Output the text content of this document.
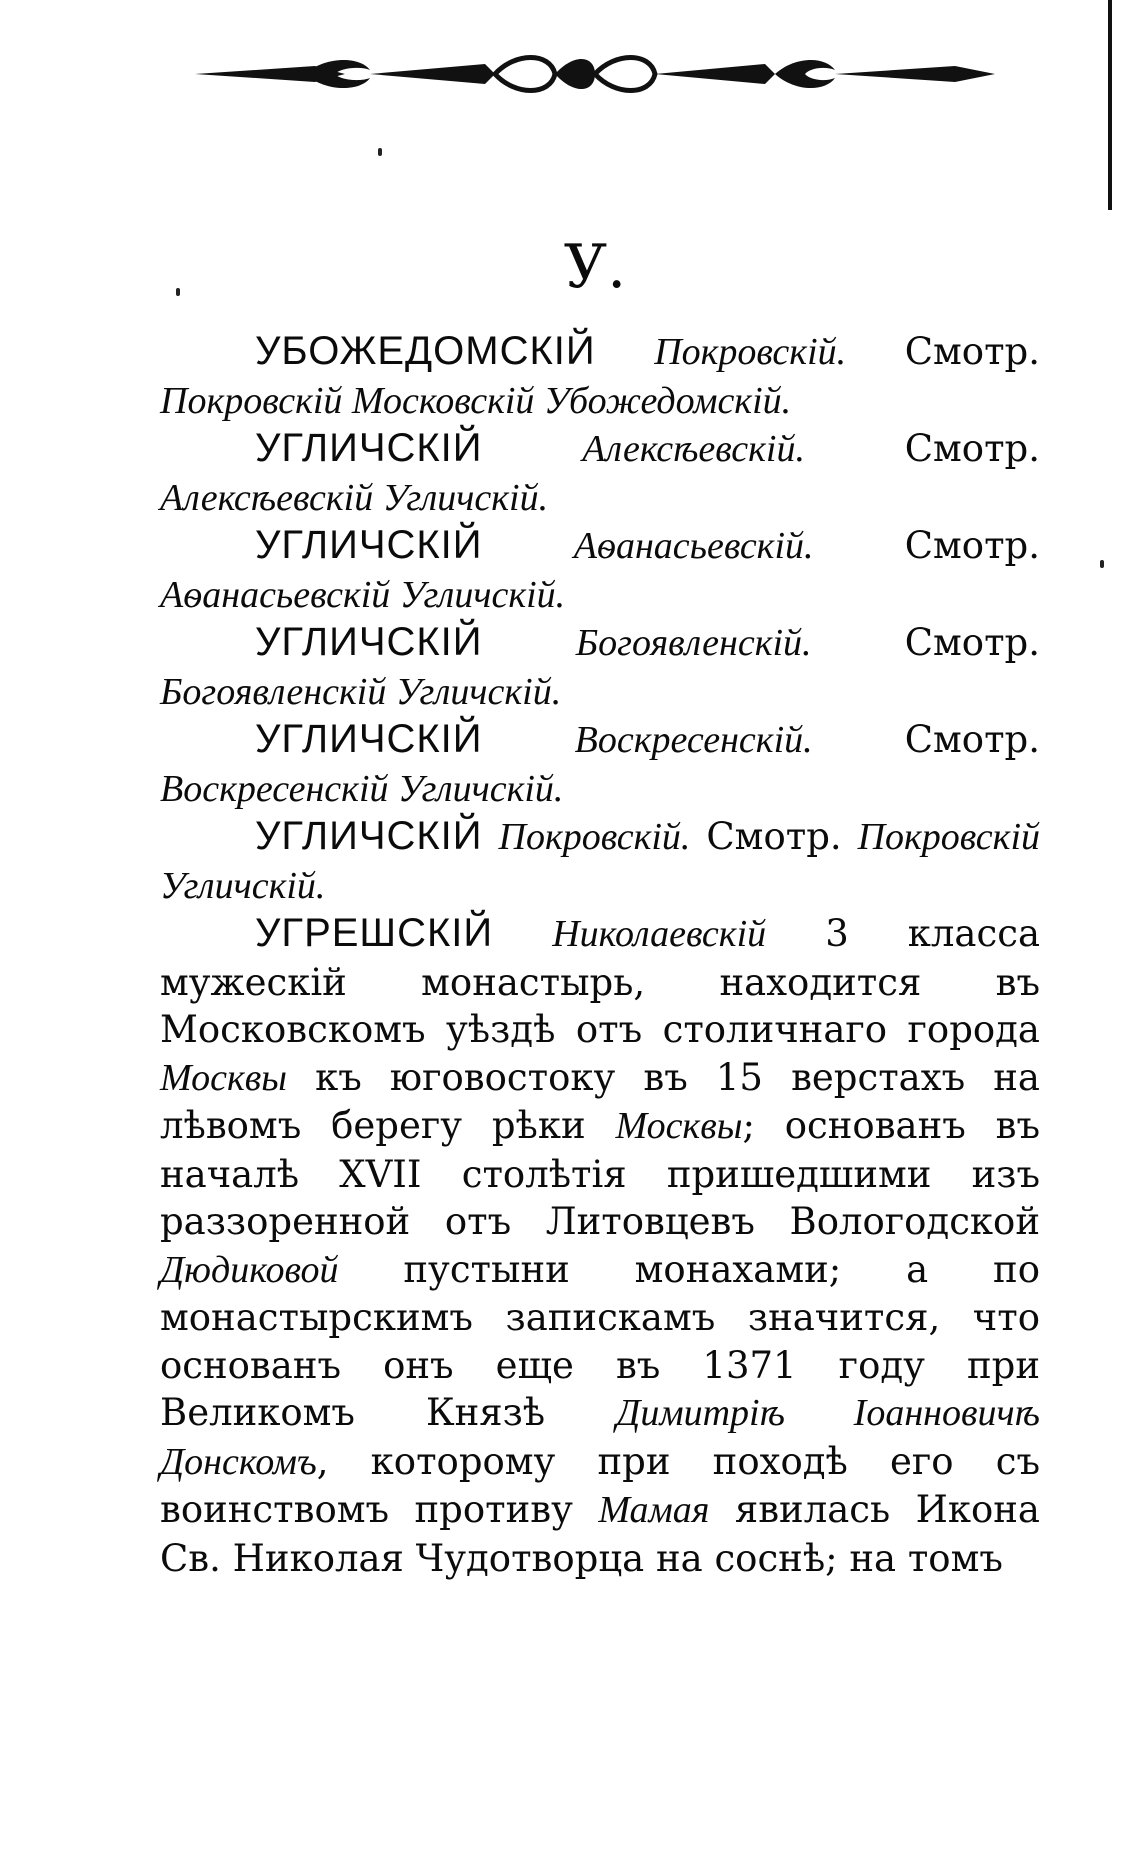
У.

УБОЖЕДОМСКІЙ Покровскій. Смотр. Покровскій Московскій Убожедомскій.

УГЛИЧСКІЙ	Алексѣевскій. Смотр. Алексѣевскій Угличскій.

УГЛИЧСКІЙ Аѳанасьевскій. Смотр. Аѳанасьевскій Угличскій.

УГЛИЧСКІЙ Богоявленскій. Смотр. Богоявленскій Угличскій.

УГЛИЧСКІЙ Воскресенскій. Смотр. Воскресенскій Угличскій.

УГЛИЧСКІЙ Покровскій. Смотр. Покровскій Угличскій.

УГРЕШСКІЙ Николаевскій 3 класса мужескій монастырь, находится въ Московскомъ уѣздѣ отъ столичнаго города Москвы къ юговостоку въ 15 верстахъ на лѣвомъ берегу рѣки Москвы; основанъ въ началѣ XVII столѣтія пришедшими изъ раззоренной отъ Литовцевъ Вологодской Дюдиковой пустыни монахами; а по монастырскимъ запискамъ значится, что основанъ онъ еще въ 1371 году при Великомъ Князѣ Димитріѣ Іоанновичѣ Донскомъ, которому при походѣ его съ воинствомъ противу Мамая явилась Икона Св. Николая Чудотворца на соснѣ; на томъ
